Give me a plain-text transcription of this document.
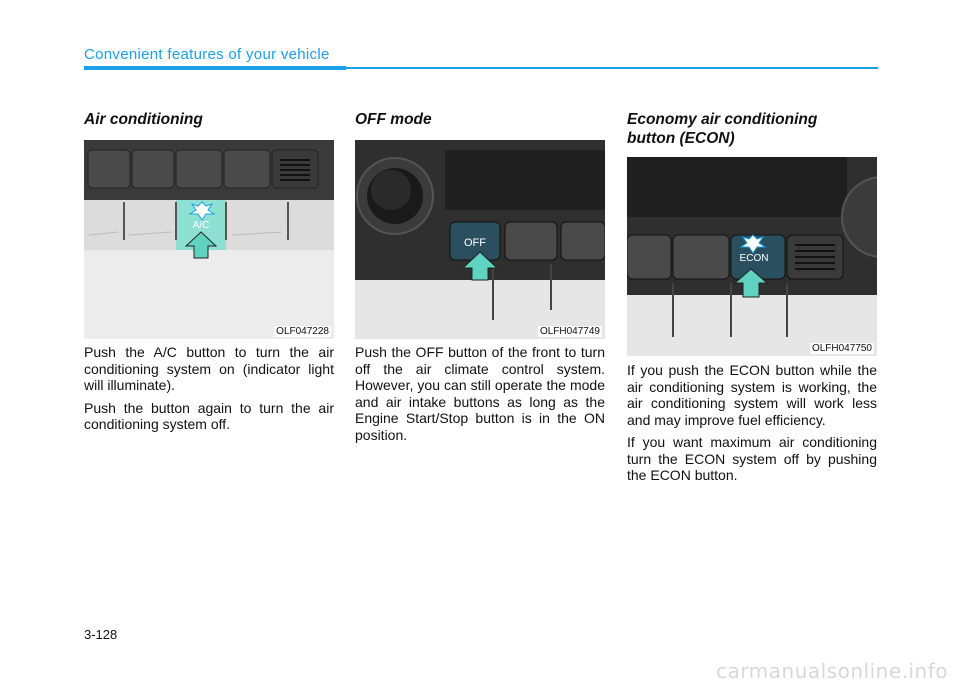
Convenient features of your vehicle
Air conditioning
A/C
OLF047228

Push the A/C button to turn the air conditioning system on (indicator light will illuminate).

Push the button again to turn the air conditioning system off.

OFF mode
OFF
OLFH047749

Push the OFF button of the front to turn off the air climate control system. However, you can still operate the mode and air intake buttons as long as the Engine Start/Stop button is in the ON position.

Economy air conditioning
button (ECON)
ECON
OLFH047750

If you push the ECON button while the air conditioning system is working, the air conditioning system will work less and may improve fuel efficiency.

If you want maximum air conditioning turn the ECON system off by pushing the ECON button.

3-128
carmanualsonline.info
